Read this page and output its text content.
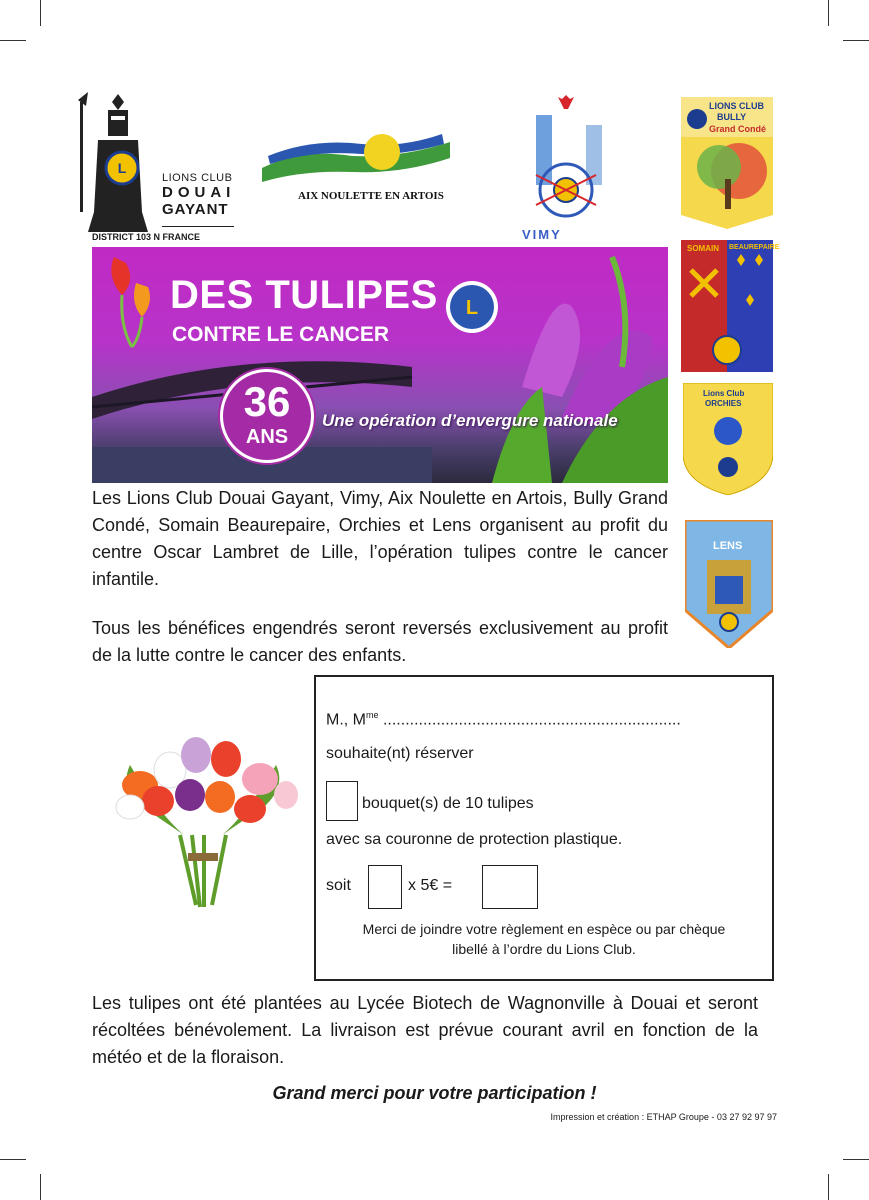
L
LIONS CLUB
DOUAI
GAYANT
DISTRICT 103 N FRANCE
AIX NOULETTE EN ARTOIS
VIMY
LIONS CLUB
BULLY
Grand Condé
SOMAIN BEAUREPAIRE
Lions Club
ORCHIES
LENS
L
DES TULIPES
CONTRE LE CANCER
36
ANS
Une opération d’envergure nationale
Les Lions Club Douai Gayant, Vimy, Aix Noulette en Artois, Bully Grand Condé, Somain Beaurepaire, Orchies et Lens organisent au profit du centre Oscar Lambret de Lille, l’opération tulipes contre le cancer infantile.
Tous les bénéfices engendrés seront reversés exclusivement au profit de la lutte contre le cancer des enfants.
M., $M^{me}$ ...................................................................
souhaite(nt) réserver
bouquet(s) de 10 tulipes
avec sa couronne de protection plastique.
soit	x 5€ =
Merci de joindre votre règlement en espèce ou par chèque
libellé à l’ordre du Lions Club.
Les tulipes ont été plantées au Lycée Biotech de Wagnonville à Douai et seront récoltées bénévolement. La livraison est prévue courant avril en fonction de la météo et de la floraison.
Grand merci pour votre participation !
Impression et création : ETHAP Groupe - 03 27 92 97 97
